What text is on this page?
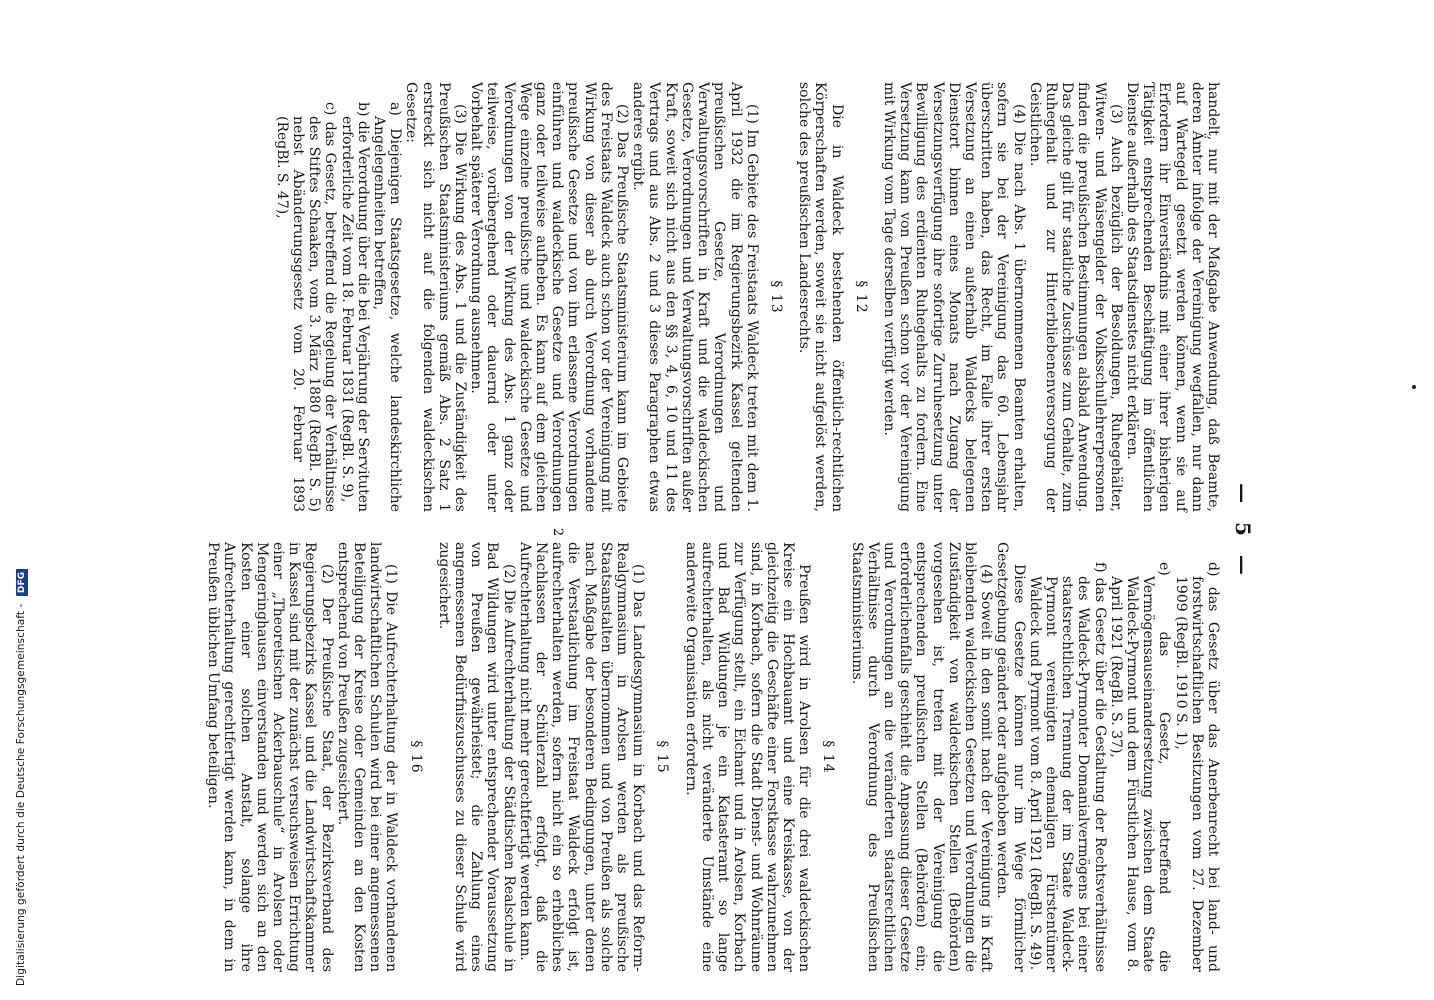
Digitalisierung gefördert durch die Deutsche Forschungsgemeinschaft - DFG
— 5 —

handelt, nur mit der Maßgabe Anwendung, daß Beamte, deren Ämter infolge der Vereinigung wegfallen, nur dann auf Wartegeld gesetzt werden können, wenn sie auf Erfordern ihr Einverständnis mit einer ihrer bisherigen Tätigkeit entsprechenden Beschäftigung im öffentlichen Dienste außerhalb des Staatsdienstes nicht erklären.

(3) Auch bezüglich der Besoldungen, Ruhegehälter, Witwen- und Waisengelder der Volksschullehrerpersonen finden die preußischen Bestimmungen alsbald Anwendung. Das gleiche gilt für staatliche Zuschüsse zum Gehalte, zum Ruhegehalt und zur Hinterbliebenenversorgung der Geistlichen.

(4) Die nach Abs. 1 übernommenen Beamten erhalten, sofern sie bei der Vereinigung das 60. Lebensjahr überschritten haben, das Recht, im Falle ihrer ersten Versetzung an einen außerhalb Waldecks belegenen Dienstort binnen eines Monats nach Zugang der Versetzungsverfügung ihre sofortige Zurruhesetzung unter Bewilligung des erdienten Ruhegehalts zu fordern. Eine Versetzung kann von Preußen schon vor der Vereinigung mit Wirkung vom Tage derselben verfügt werden.

§ 12

Die in Waldeck bestehenden öffentlich-rechtlichen Körperschaften werden, soweit sie nicht aufgelöst werden, solche des preußischen Landesrechts.

§ 13

(1) Im Gebiete des Freistaats Waldeck treten mit dem 1. April 1932 die im Regierungsbezirk Kassel geltenden preußischen Gesetze, Verordnungen und Verwaltungsvorschriften in Kraft und die waldeckischen Gesetze, Verordnungen und Verwaltungsvorschriften außer Kraft, soweit sich nicht aus den §§ 3, 4, 6, 10 und 11 des Vertrags und aus Abs. 2 und 3 dieses Paragraphen etwas anderes ergibt.

(2) Das Preußische Staatsministerium kann im Gebiete des Freistaats Waldeck auch schon vor der Vereinigung mit Wirkung von dieser ab durch Verordnung vorhandene preußische Gesetze und von ihm erlassene Verordnungen einführen und waldeckische Gesetze und Verordnungen ganz oder teilweise aufheben. Es kann auf dem gleichen Wege einzelne preußische und waldeckische Gesetze und Verordnungen von der Wirkung des Abs. 1 ganz oder teilweise, vorübergehend oder dauernd oder unter Vorbehalt späterer Verordnung ausnehmen.

(3) Die Wirkung des Abs. 1 und die Zuständigkeit des Preußischen Staatsministeriums gemäß Abs. 2 Satz 1 erstreckt sich nicht auf die folgenden waldeckischen Gesetze:

a) Diejenigen Staatsgesetze, welche landeskirchliche Angelegenheiten betreffen,

b) die Verordnung über die bei Verjährung der Servituten erforderliche Zeit vom 18. Februar 1831 (RegBl. S. 9),

c) das Gesetz, betreffend die Regelung der Verhältnisse des Stiftes Schaaken, vom 3. März 1880 (RegBl. S. 5) nebst Abänderungsgesetz vom 20. Februar 1893 (RegBl. S. 47),

d) das Gesetz über das Anerbenrecht bei land- und forstwirtschaftlichen Besitzungen vom 27. Dezember 1909 (RegBl. 1910 S. 1),

e) das Gesetz, betreffend die Vermögensauseinandersetzung zwischen dem Staate Waldeck-Pyrmont und dem Fürstlichen Hause, vom 8. April 1921 (RegBl. S. 37),

f) das Gesetz über die Gestaltung der Rechtsverhältnisse des Waldeck-Pyrmonter Domanialvermögens bei einer staatsrechtlichen Trennung der im Staate Waldeck-Pyrmont vereinigten ehemaligen Fürstentümer Waldeck und Pyrmont vom 8. April 1921 (RegBl. S. 49).

Diese Gesetze können nur im Wege förmlicher Gesetzgebung geändert oder aufgehoben werden.

(4) Soweit in den somit nach der Vereinigung in Kraft bleibenden waldeckischen Gesetzen und Verordnungen die Zuständigkeit von waldeckischen Stellen (Behörden) vorgesehen ist, treten mit der Vereinigung die entsprechenden preußischen Stellen (Behörden) ein; erforderlichenfalls geschieht die Anpassung dieser Gesetze und Verordnungen an die veränderten staatsrechtlichen Verhältnisse durch Verordnung des Preußischen Staatsministeriums.

§ 14

Preußen wird in Arolsen für die drei waldeckischen Kreise ein Hochbauamt und eine Kreiskasse, von der gleichzeitig die Geschäfte einer Forstkasse wahrzunehmen sind, in Korbach, sofern die Stadt Dienst- und Wohnräume zur Verfügung stellt, ein Eichamt und in Arolsen, Korbach und Bad Wildungen je ein Katasteramt so lange aufrechterhalten, als nicht veränderte Umstände eine anderweite Organisation erfordern.

§ 15

(1) Das Landesgymnasium in Korbach und das Reform-Realgymnasium in Arolsen werden als preußische Staatsanstalten übernommen und von Preußen als solche nach Maßgabe der besonderen Bedingungen, unter denen die Verstaatlichung im Freistaat Waldeck erfolgt ist, aufrechterhalten werden, sofern nicht ein so erhebliches Nachlassen der Schülerzahl erfolgt, daß die Aufrechterhaltung nicht mehr gerechtfertigt werden kann.

(2) Die Aufrechterhaltung der Städtischen Realschule in Bad Wildungen wird unter entsprechender Voraussetzung von Preußen gewährleistet; die Zahlung eines angemessenen Bedürfniszuschusses zu dieser Schule wird zugesichert.

§ 16

(1) Die Aufrechterhaltung der in Waldeck vorhandenen landwirtschaftlichen Schulen wird bei einer angemessenen Beteiligung der Kreise oder Gemeinden an den Kosten entsprechend von Preußen zugesichert.

(2) Der Preußische Staat, der Bezirksverband des Regierungsbezirks Kassel und die Landwirtschaftskammer in Kassel sind mit der zunächst versuchsweisen Errichtung einer „Theoretischen Ackerbauschule“ in Arolsen oder Mengeringhausen einverstanden und werden sich an den Kosten einer solchen Anstalt, solange ihre Aufrechterhaltung gerechtfertigt werden kann, in dem in Preußen üblichen Umfang beteiligen.

2
